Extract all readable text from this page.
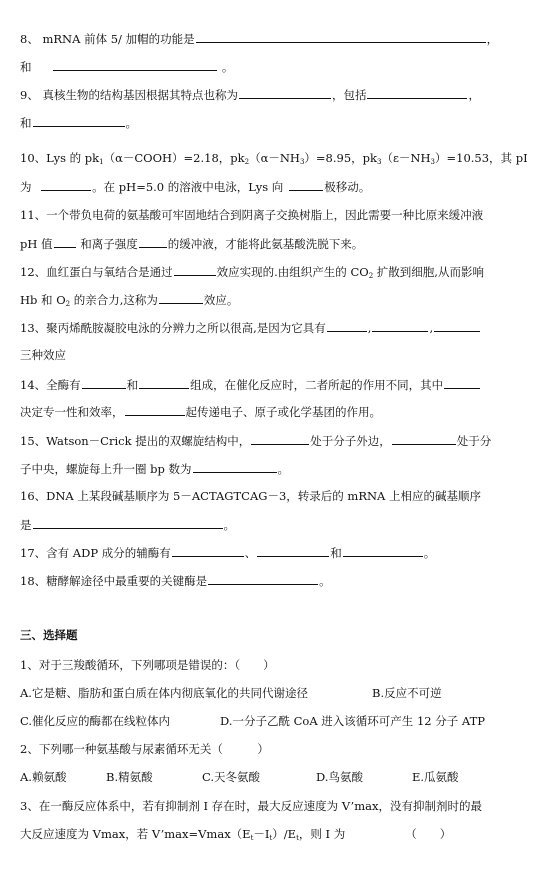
8、 mRNA 前体 5/ 加帽的功能是	，
和	。
9、 真核生物的结构基因根据其特点也称为	，包括	，
和	。
10、Lys 的 $pk_1(\alpha-COOH)=2.18$，$pk_2(\alpha-NH_3)=8.95$，$pk_3(\varepsilon-NH_3)=10.53$，其 pI
为	。在 pH=5.0 的溶液中电泳，Lys 向	极移动。
11、一个带负电荷的氨基酸可牢固地结合到阴离子交换树脂上，因此需要一种比原来缓冲液
pH 值 和离子强度	的缓冲液，才能将此氨基酸洗脱下来。
12、血红蛋白与氧结合是通过	效应实现的.由组织产生的 $CO_2$ 扩散到细胞,从而影响
Hb 和 $O_2$ 的亲合力,这称为	效应。
13、聚丙烯酰胺凝胶电泳的分辨力之所以很高,是因为它具有	,	,
三种效应
14、全酶有	和	组成，在催化反应时，二者所起的作用不同，其中
决定专一性和效率，	起传递电子、原子或化学基团的作用。
15、Watson－Crick 提出的双螺旋结构中，	处于分子外边，	处于分
子中央，螺旋每上升一圈 bp 数为	。
16、DNA 上某段碱基顺序为 5－ACTAGTCAG－3，转录后的 mRNA 上相应的碱基顺序
是	。
17、含有 ADP 成分的辅酶有	、	和	。
18、糖酵解途径中最重要的关键酶是	。
三、选择题
1、对于三羧酸循环，下列哪项是错误的：（　　）
A.它是糖、脂肪和蛋白质在体内彻底氧化的共同代谢途径	B.反应不可逆
C.催化反应的酶都在线粒体内	D.一分子乙酰 CoA 进入该循环可产生 12 分子 ATP
2、下列哪一种氨基酸与尿素循环无关（　　　）
A.赖氨酸	B.精氨酸	C.天冬氨酸	D.鸟氨酸	E.瓜氨酸
3、在一酶反应体系中，若有抑制剂 I 存在时，最大反应速度为 V’max，没有抑制剂时的最
大反应速度为 Vmax，若 $V’\max=Vmax(E_t-I_t)/E_t$，则 I 为	（　　）
